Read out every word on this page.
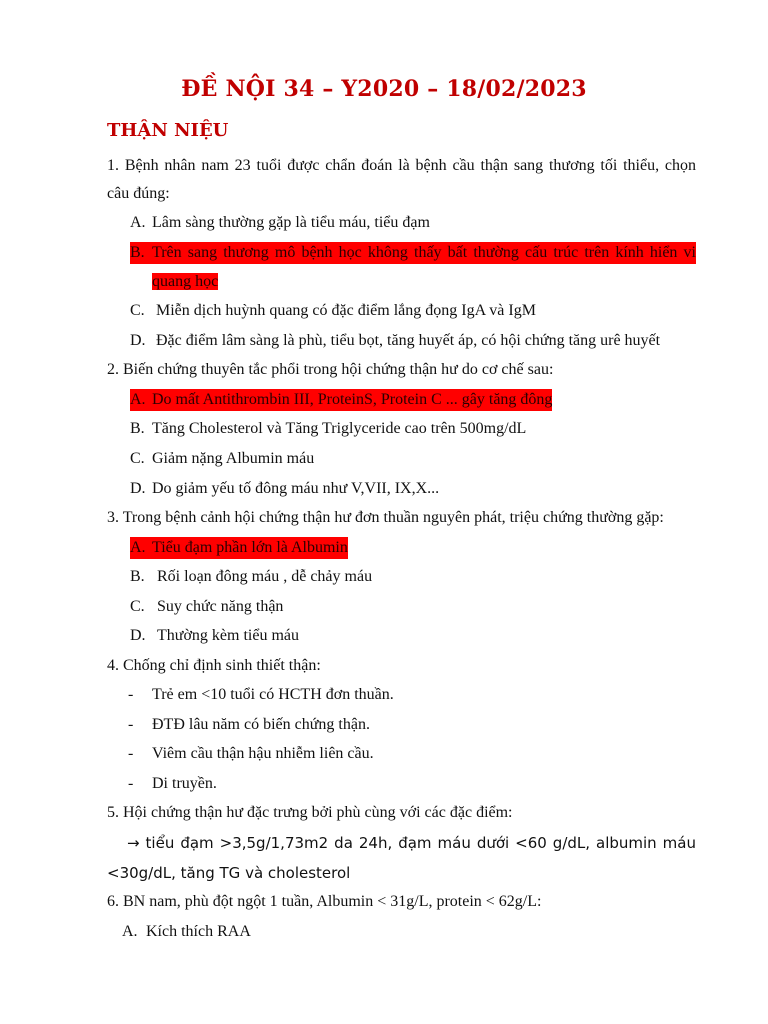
ĐỀ NỘI 34 – Y2020 – 18/02/2023
THẬN NIỆU
1. Bệnh nhân nam 23 tuổi được chẩn đoán là bệnh cầu thận sang thương tối thiểu, chọn
câu đúng:
A. Lâm sàng thường gặp là tiểu máu, tiểu đạm
B. Trên sang thương mô bệnh học không thấy bất thường cấu trúc trên kính hiển vi
quang học
C. Miễn dịch huỳnh quang có đặc điểm lắng đọng IgA và IgM
D. Đặc điểm lâm sàng là phù, tiểu bọt, tăng huyết áp, có hội chứng tăng urê huyết
2. Biến chứng thuyên tắc phổi trong hội chứng thận hư do cơ chế sau:
A. Do mất Antithrombin III, ProteinS, Protein C ... gây tăng đông
B. Tăng Cholesterol và Tăng Triglyceride cao trên 500mg/dL
C. Giảm nặng Albumin máu
D. Do giảm yếu tố đông máu như V,VII, IX,X...
3. Trong bệnh cảnh hội chứng thận hư đơn thuần nguyên phát, triệu chứng thường gặp:
A. Tiểu đạm phần lớn là Albumin
B. Rối loạn đông máu , dễ chảy máu
C. Suy chức năng thận
D. Thường kèm tiểu máu
4. Chống chỉ định sinh thiết thận:
-	Trẻ em <10 tuổi có HCTH đơn thuần.
-	ĐTĐ lâu năm có biến chứng thận.
-	Viêm cầu thận hậu nhiễm liên cầu.
-	Di truyền.
5. Hội chứng thận hư đặc trưng bởi phù cùng với các đặc điểm:
→ tiểu đạm >3,5g/1,73m2 da 24h, đạm máu dưới <60 g/dL, albumin máu
<30g/dL, tăng TG và cholesterol
6. BN nam, phù đột ngột 1 tuần, Albumin < 31g/L, protein < 62g/L:
A. Kích thích RAA
